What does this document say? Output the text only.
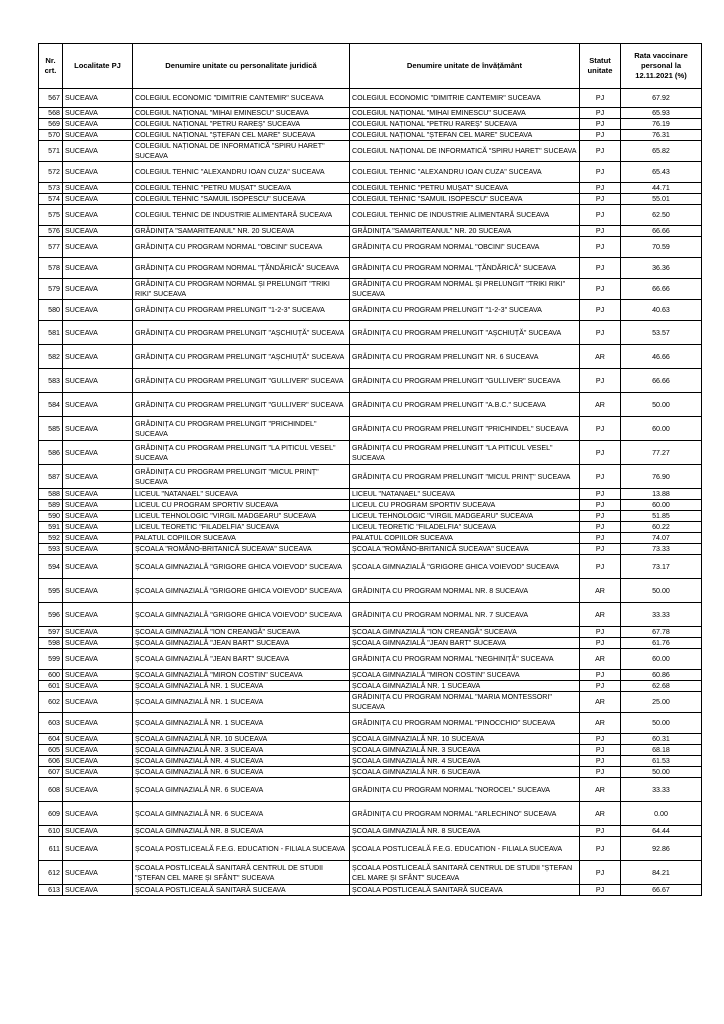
Nr. crt.	Localitate PJ	Denumire unitate cu personalitate juridică	Denumire unitate de învățământ	Statut unitate	Rata vaccinare personal la 12.11.2021 (%)
567	SUCEAVA	COLEGIUL ECONOMIC "DIMITRIE CANTEMIR" SUCEAVA	COLEGIUL ECONOMIC "DIMITRIE CANTEMIR" SUCEAVA	PJ	67.92
568	SUCEAVA	COLEGIUL NAȚIONAL "MIHAI EMINESCU" SUCEAVA	COLEGIUL NAȚIONAL "MIHAI EMINESCU" SUCEAVA	PJ	65.93
569	SUCEAVA	COLEGIUL NAȚIONAL "PETRU RAREȘ" SUCEAVA	COLEGIUL NAȚIONAL "PETRU RAREȘ" SUCEAVA	PJ	76.19
570	SUCEAVA	COLEGIUL NAȚIONAL "ȘTEFAN CEL MARE" SUCEAVA	COLEGIUL NAȚIONAL "ȘTEFAN CEL MARE" SUCEAVA	PJ	76.31
571	SUCEAVA	COLEGIUL NAȚIONAL DE INFORMATICĂ "SPIRU HARET" SUCEAVA	COLEGIUL NAȚIONAL DE INFORMATICĂ "SPIRU HARET" SUCEAVA	PJ	65.82
572	SUCEAVA	COLEGIUL TEHNIC "ALEXANDRU IOAN CUZA" SUCEAVA	COLEGIUL TEHNIC "ALEXANDRU IOAN CUZA" SUCEAVA	PJ	65.43
573	SUCEAVA	COLEGIUL TEHNIC "PETRU MUȘAT" SUCEAVA	COLEGIUL TEHNIC "PETRU MUȘAT" SUCEAVA	PJ	44.71
574	SUCEAVA	COLEGIUL TEHNIC "SAMUIL ISOPESCU" SUCEAVA	COLEGIUL TEHNIC "SAMUIL ISOPESCU" SUCEAVA	PJ	55.01
575	SUCEAVA	COLEGIUL TEHNIC DE INDUSTRIE ALIMENTARĂ SUCEAVA	COLEGIUL TEHNIC DE INDUSTRIE ALIMENTARĂ SUCEAVA	PJ	62.50
576	SUCEAVA	GRĂDINIȚA "SAMARITEANUL" NR. 20 SUCEAVA	GRĂDINIȚA "SAMARITEANUL" NR. 20 SUCEAVA	PJ	66.66
577	SUCEAVA	GRĂDINIȚA CU PROGRAM NORMAL "OBCINI" SUCEAVA	GRĂDINIȚA CU PROGRAM NORMAL "OBCINI" SUCEAVA	PJ	70.59
578	SUCEAVA	GRĂDINIȚA CU PROGRAM NORMAL "ȚĂNDĂRICĂ" SUCEAVA	GRĂDINIȚA CU PROGRAM NORMAL "ȚĂNDĂRICĂ" SUCEAVA	PJ	36.36
579	SUCEAVA	GRĂDINIȚA CU PROGRAM NORMAL ȘI PRELUNGIT "TRIKI RIKI" SUCEAVA	GRĂDINIȚA CU PROGRAM NORMAL ȘI PRELUNGIT "TRIKI RIKI" SUCEAVA	PJ	66.66
580	SUCEAVA	GRĂDINIȚA CU PROGRAM PRELUNGIT "1-2-3" SUCEAVA	GRĂDINIȚA CU PROGRAM PRELUNGIT "1-2-3" SUCEAVA	PJ	40.63
581	SUCEAVA	GRĂDINIȚA CU PROGRAM PRELUNGIT "AȘCHIUȚĂ" SUCEAVA	GRĂDINIȚA CU PROGRAM PRELUNGIT "AȘCHIUȚĂ" SUCEAVA	PJ	53.57
582	SUCEAVA	GRĂDINIȚA CU PROGRAM PRELUNGIT "AȘCHIUȚĂ" SUCEAVA	GRĂDINIȚA CU PROGRAM PRELUNGIT NR. 6 SUCEAVA	AR	46.66
583	SUCEAVA	GRĂDINIȚA CU PROGRAM PRELUNGIT "GULLIVER" SUCEAVA	GRĂDINIȚA CU PROGRAM PRELUNGIT "GULLIVER" SUCEAVA	PJ	66.66
584	SUCEAVA	GRĂDINIȚA CU PROGRAM PRELUNGIT "GULLIVER" SUCEAVA	GRĂDINIȚA CU PROGRAM PRELUNGIT "A.B.C." SUCEAVA	AR	50.00
585	SUCEAVA	GRĂDINIȚA CU PROGRAM PRELUNGIT "PRICHINDEL" SUCEAVA	GRĂDINIȚA CU PROGRAM PRELUNGIT "PRICHINDEL" SUCEAVA	PJ	60.00
586	SUCEAVA	GRĂDINIȚA CU PROGRAM PRELUNGIT "LA PITICUL VESEL" SUCEAVA	GRĂDINIȚA CU PROGRAM PRELUNGIT "LA PITICUL VESEL" SUCEAVA	PJ	77.27
587	SUCEAVA	GRĂDINIȚA CU PROGRAM PRELUNGIT "MICUL PRINȚ" SUCEAVA	GRĂDINIȚA CU PROGRAM PRELUNGIT "MICUL PRINȚ" SUCEAVA	PJ	76.90
588	SUCEAVA	LICEUL "NATANAEL" SUCEAVA	LICEUL "NATANAEL" SUCEAVA	PJ	13.88
589	SUCEAVA	LICEUL CU PROGRAM SPORTIV SUCEAVA	LICEUL CU PROGRAM SPORTIV SUCEAVA	PJ	60.00
590	SUCEAVA	LICEUL TEHNOLOGIC "VIRGIL MADGEARU" SUCEAVA	LICEUL TEHNOLOGIC "VIRGIL MADGEARU" SUCEAVA	PJ	51.85
591	SUCEAVA	LICEUL TEORETIC "FILADELFIA" SUCEAVA	LICEUL TEORETIC "FILADELFIA" SUCEAVA	PJ	60.22
592	SUCEAVA	PALATUL COPIILOR SUCEAVA	PALATUL COPIILOR SUCEAVA	PJ	74.07
593	SUCEAVA	ȘCOALA "ROMÂNO-BRITANICĂ SUCEAVA" SUCEAVA	ȘCOALA "ROMÂNO-BRITANICĂ SUCEAVA" SUCEAVA	PJ	73.33
594	SUCEAVA	ȘCOALA GIMNAZIALĂ "GRIGORE GHICA VOIEVOD" SUCEAVA	ȘCOALA GIMNAZIALĂ "GRIGORE GHICA VOIEVOD" SUCEAVA	PJ	73.17
595	SUCEAVA	ȘCOALA GIMNAZIALĂ "GRIGORE GHICA VOIEVOD" SUCEAVA	GRĂDINIȚA CU PROGRAM NORMAL NR. 8 SUCEAVA	AR	50.00
596	SUCEAVA	ȘCOALA GIMNAZIALĂ "GRIGORE GHICA VOIEVOD" SUCEAVA	GRĂDINIȚA CU PROGRAM NORMAL NR. 7 SUCEAVA	AR	33.33
597	SUCEAVA	ȘCOALA GIMNAZIALĂ "ION CREANGĂ" SUCEAVA	ȘCOALA GIMNAZIALĂ "ION CREANGĂ" SUCEAVA	PJ	67.78
598	SUCEAVA	ȘCOALA GIMNAZIALĂ "JEAN BART" SUCEAVA	ȘCOALA GIMNAZIALĂ "JEAN BART" SUCEAVA	PJ	61.76
599	SUCEAVA	ȘCOALA GIMNAZIALĂ "JEAN BART" SUCEAVA	GRĂDINIȚA CU PROGRAM NORMAL "NEGHINIȚĂ" SUCEAVA	AR	60.00
600	SUCEAVA	ȘCOALA GIMNAZIALĂ "MIRON COSTIN" SUCEAVA	ȘCOALA GIMNAZIALĂ "MIRON COSTIN" SUCEAVA	PJ	60.86
601	SUCEAVA	ȘCOALA GIMNAZIALĂ NR. 1 SUCEAVA	ȘCOALA GIMNAZIALĂ NR. 1 SUCEAVA	PJ	62.68
602	SUCEAVA	ȘCOALA GIMNAZIALĂ NR. 1 SUCEAVA	GRĂDINIȚA CU PROGRAM NORMAL "MARIA MONTESSORI" SUCEAVA	AR	25.00
603	SUCEAVA	ȘCOALA GIMNAZIALĂ NR. 1 SUCEAVA	GRĂDINIȚA CU PROGRAM NORMAL "PINOCCHIO" SUCEAVA	AR	50.00
604	SUCEAVA	ȘCOALA GIMNAZIALĂ NR. 10 SUCEAVA	ȘCOALA GIMNAZIALĂ NR. 10 SUCEAVA	PJ	60.31
605	SUCEAVA	ȘCOALA GIMNAZIALĂ NR. 3 SUCEAVA	ȘCOALA GIMNAZIALĂ NR. 3 SUCEAVA	PJ	68.18
606	SUCEAVA	ȘCOALA GIMNAZIALĂ NR. 4 SUCEAVA	ȘCOALA GIMNAZIALĂ NR. 4 SUCEAVA	PJ	61.53
607	SUCEAVA	ȘCOALA GIMNAZIALĂ NR. 6 SUCEAVA	ȘCOALA GIMNAZIALĂ NR. 6 SUCEAVA	PJ	50.00
608	SUCEAVA	ȘCOALA GIMNAZIALĂ NR. 6 SUCEAVA	GRĂDINIȚA CU PROGRAM NORMAL "NOROCEL" SUCEAVA	AR	33.33
609	SUCEAVA	ȘCOALA GIMNAZIALĂ NR. 6 SUCEAVA	GRĂDINIȚA CU PROGRAM NORMAL "ARLECHINO" SUCEAVA	AR	0.00
610	SUCEAVA	ȘCOALA GIMNAZIALĂ NR. 8 SUCEAVA	ȘCOALA GIMNAZIALĂ NR. 8 SUCEAVA	PJ	64.44
611	SUCEAVA	ȘCOALA POSTLICEALĂ F.E.G. EDUCATION - FILIALA SUCEAVA	ȘCOALA POSTLICEALĂ F.E.G. EDUCATION - FILIALA SUCEAVA	PJ	92.86
612	SUCEAVA	ȘCOALA POSTLICEALĂ SANITARĂ CENTRUL DE STUDII "ȘTEFAN CEL MARE ȘI SFÂNT" SUCEAVA	ȘCOALA POSTLICEALĂ SANITARĂ CENTRUL DE STUDII "ȘTEFAN CEL MARE ȘI SFÂNT" SUCEAVA	PJ	84.21
613	SUCEAVA	ȘCOALA POSTLICEALĂ SANITARĂ SUCEAVA	ȘCOALA POSTLICEALĂ SANITARĂ SUCEAVA	PJ	66.67
